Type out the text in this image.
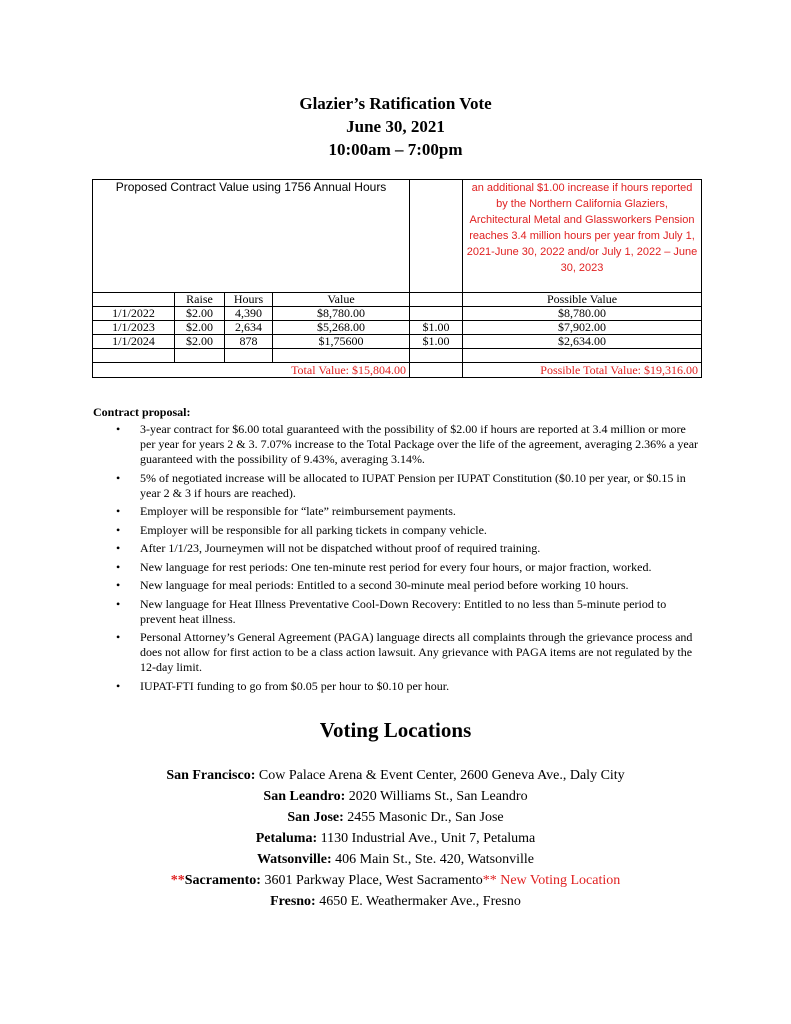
Glazier’s Ratification Vote
June 30, 2021
10:00am – 7:00pm
Proposed Contract Value using 1756 Annual Hours					an additional $1.00 increase if hours reported by the Northern California Glaziers, Architectural Metal and Glassworkers Pension reaches 3.4 million hours per year from July 1, 2021-June 30, 2022 and/or July 1, 2022 – June 30, 2023
	Raise	Hours	Value		Possible Value
1/1/2022	$2.00	4,390	$8,780.00		$8,780.00
1/1/2023	$2.00	2,634	$5,268.00	$1.00	$7,902.00
1/1/2024	$2.00	878	$1,75600	$1.00	$2,634.00

Total Value: $15,804.00					Possible Total Value: $19,316.00
Contract proposal:
• 3-year contract for $6.00 total guaranteed with the possibility of $2.00 if hours are reported at 3.4 million or more per year for years 2 & 3. 7.07% increase to the Total Package over the life of the agreement, averaging 2.36% a year guaranteed with the possibility of 9.43%, averaging 3.14%.
• 5% of negotiated increase will be allocated to IUPAT Pension per IUPAT Constitution ($0.10 per year, or $0.15 in year 2 & 3 if hours are reached).
• Employer will be responsible for “late” reimbursement payments.
• Employer will be responsible for all parking tickets in company vehicle.
• After 1/1/23, Journeymen will not be dispatched without proof of required training.
• New language for rest periods: One ten-minute rest period for every four hours, or major fraction, worked.
• New language for meal periods: Entitled to a second 30-minute meal period before working 10 hours.
• New language for Heat Illness Preventative Cool-Down Recovery: Entitled to no less than 5-minute period to prevent heat illness.
• Personal Attorney’s General Agreement (PAGA) language directs all complaints through the grievance process and does not allow for first action to be a class action lawsuit. Any grievance with PAGA items are not regulated by the 12-day limit.
• IUPAT-FTI funding to go from $0.05 per hour to $0.10 per hour.
Voting Locations
San Francisco: Cow Palace Arena & Event Center, 2600 Geneva Ave., Daly City
San Leandro: 2020 Williams St., San Leandro
San Jose: 2455 Masonic Dr., San Jose
Petaluma: 1130 Industrial Ave., Unit 7, Petaluma
Watsonville: 406 Main St., Ste. 420, Watsonville
**Sacramento: 3601 Parkway Place, West Sacramento** New Voting Location
Fresno: 4650 E. Weathermaker Ave., Fresno
